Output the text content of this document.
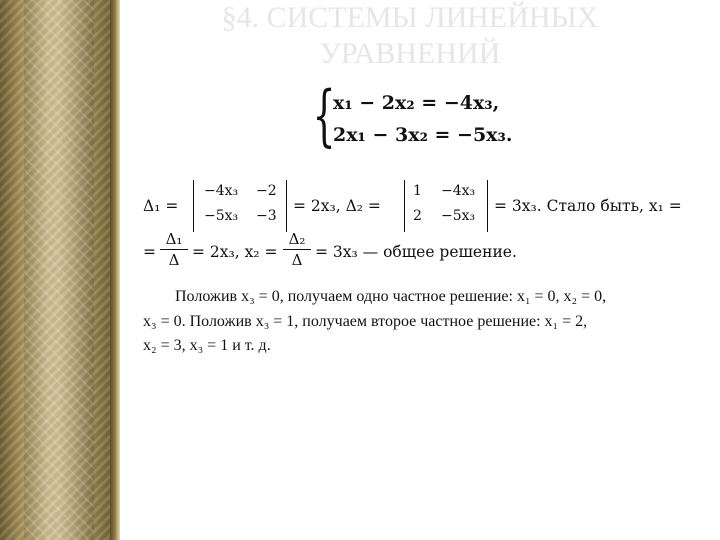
§4. СИСТЕМЫ ЛИНЕЙНЫХ
УРАВНЕНИЙ
{
x₁ − 2x₂ = −4x₃,
2x₁ − 3x₂ = −5x₃.
Δ₁ =
−4x₃ −2
−5x₃ −3
= 2x₃, Δ₂ =
1 −4x₃
2 −5x₃
= 3x₃. Стало быть, x₁ =
=
Δ₁
Δ = 2x₃, x₂ =
Δ₂
Δ = 3x₃ — общее решение.
Положив x₃ = 0, получаем одно частное решение: x₁ = 0, x₂ = 0,
x₃ = 0. Положив x₃ = 1, получаем второе частное решение: x₁ = 2,
x₂ = 3, x₃ = 1 и т. д.
